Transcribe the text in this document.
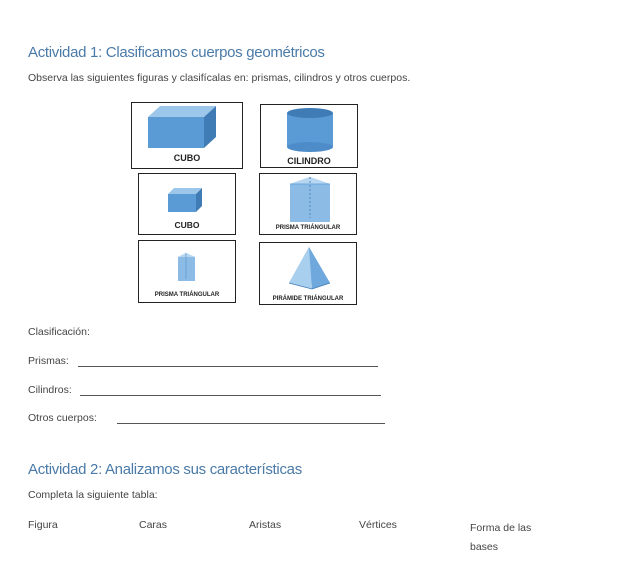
Actividad 1: Clasificamos cuerpos geométricos
Observa las siguientes figuras y clasifícalas en: prismas, cilindros y otros cuerpos.
CUBO	CILINDRO
CUBO	PRISMA TRIÁNGULAR
PRISMA TRIÁNGULAR
PIRÁMIDE TRIÁNGULAR
Clasificación:
Prismas:
Cilindros:
Otros cuerpos:
Actividad 2: Analizamos sus características
Completa la siguiente tabla:
Figura	Caras	Aristas	Vértices	Forma de las bases
